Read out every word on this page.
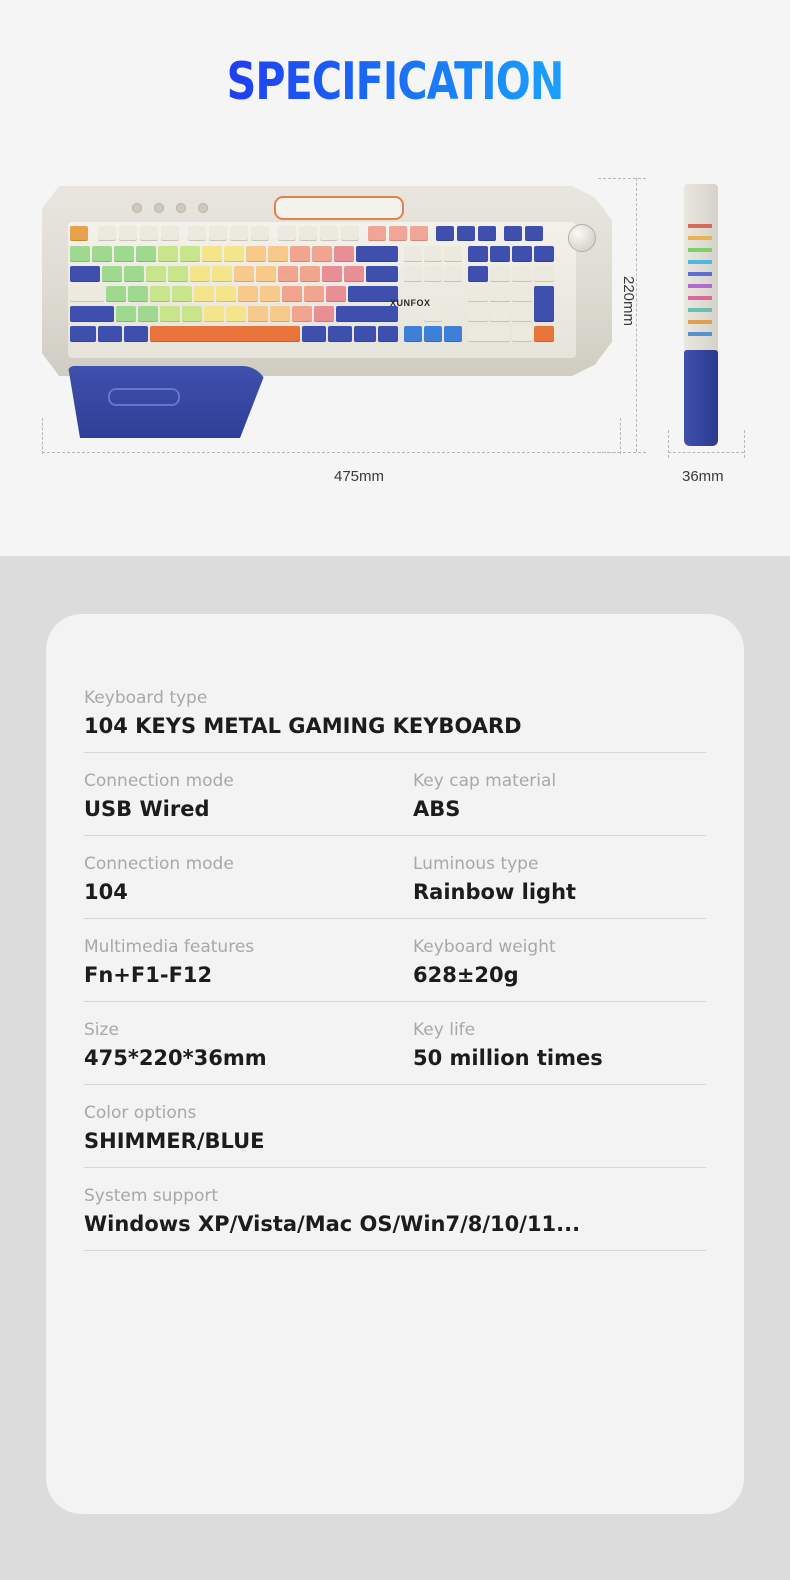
SPECIFICATION
475mm
220mm
36mm
XUNFOX
Keyboard type
104 KEYS METAL GAMING KEYBOARD
Connection mode
USB Wired
Key cap material
ABS
Connection mode
104
Luminous type
Rainbow light
Multimedia features
Fn+F1-F12
Keyboard weight
628±20g
Size
475*220*36mm
Key life
50 million times
Color options
SHIMMER/BLUE
System support
Windows XP/Vista/Mac OS/Win7/8/10/11...
